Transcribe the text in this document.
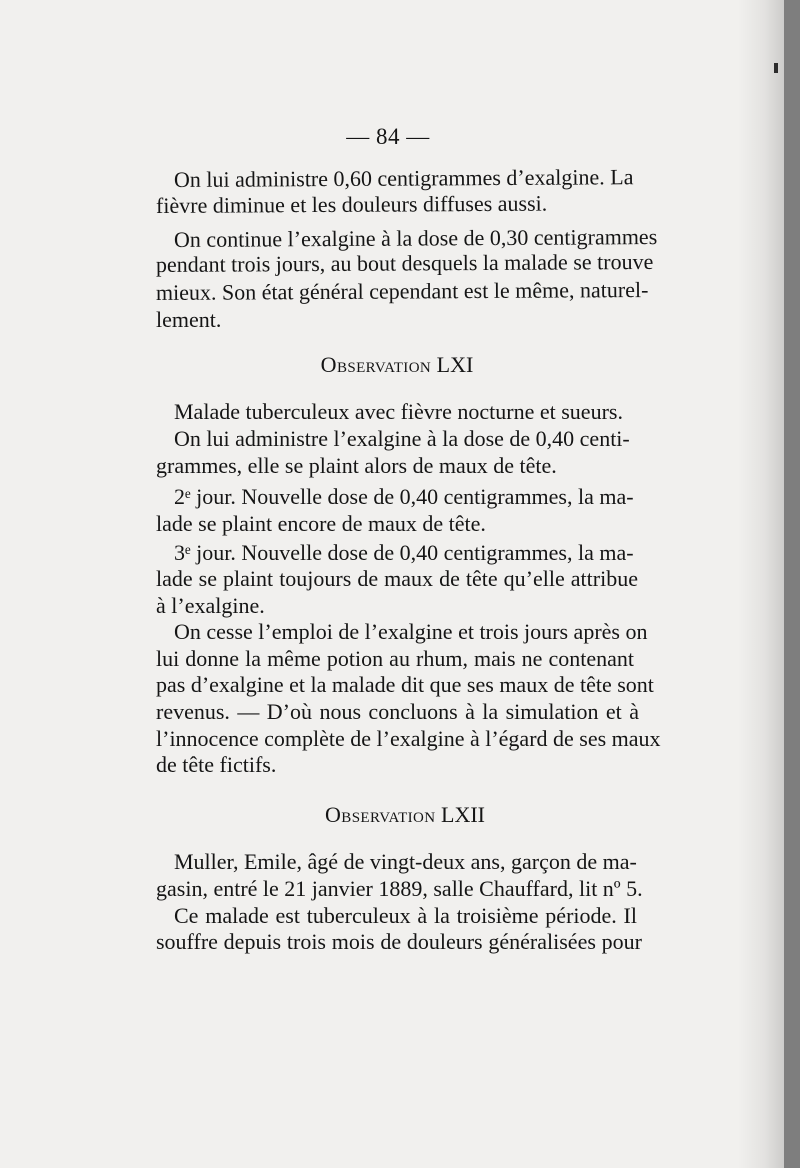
— 84 —
On lui administre 0,60 centigrammes d’exalgine. La
fièvre diminue et les douleurs diffuses aussi.
On continue l’exalgine à la dose de 0,30 centigrammes
pendant trois jours, au bout desquels la malade se trouve
mieux. Son état général cependant est le même, naturel-
lement.
Observation LXI
Malade tuberculeux avec fièvre nocturne et sueurs.
On lui administre l’exalgine à la dose de 0,40 centi-
grammes, elle se plaint alors de maux de tête.
2ᵉ jour. Nouvelle dose de 0,40 centigrammes, la ma-
lade se plaint encore de maux de tête.
3ᵉ jour. Nouvelle dose de 0,40 centigrammes, la ma-
lade se plaint toujours de maux de tête qu’elle attribue
à l’exalgine.
On cesse l’emploi de l’exalgine et trois jours après on
lui donne la même potion au rhum, mais ne contenant
pas d’exalgine et la malade dit que ses maux de tête sont
revenus. — D’où nous concluons à la simulation et à
l’innocence complète de l’exalgine à l’égard de ses maux
de tête fictifs.
Observation LXII
Muller, Emile, âgé de vingt-deux ans, garçon de ma-
gasin, entré le 21 janvier 1889, salle Chauffard, lit nº 5.
Ce malade est tuberculeux à la troisième période. Il
souffre depuis trois mois de douleurs généralisées pour
